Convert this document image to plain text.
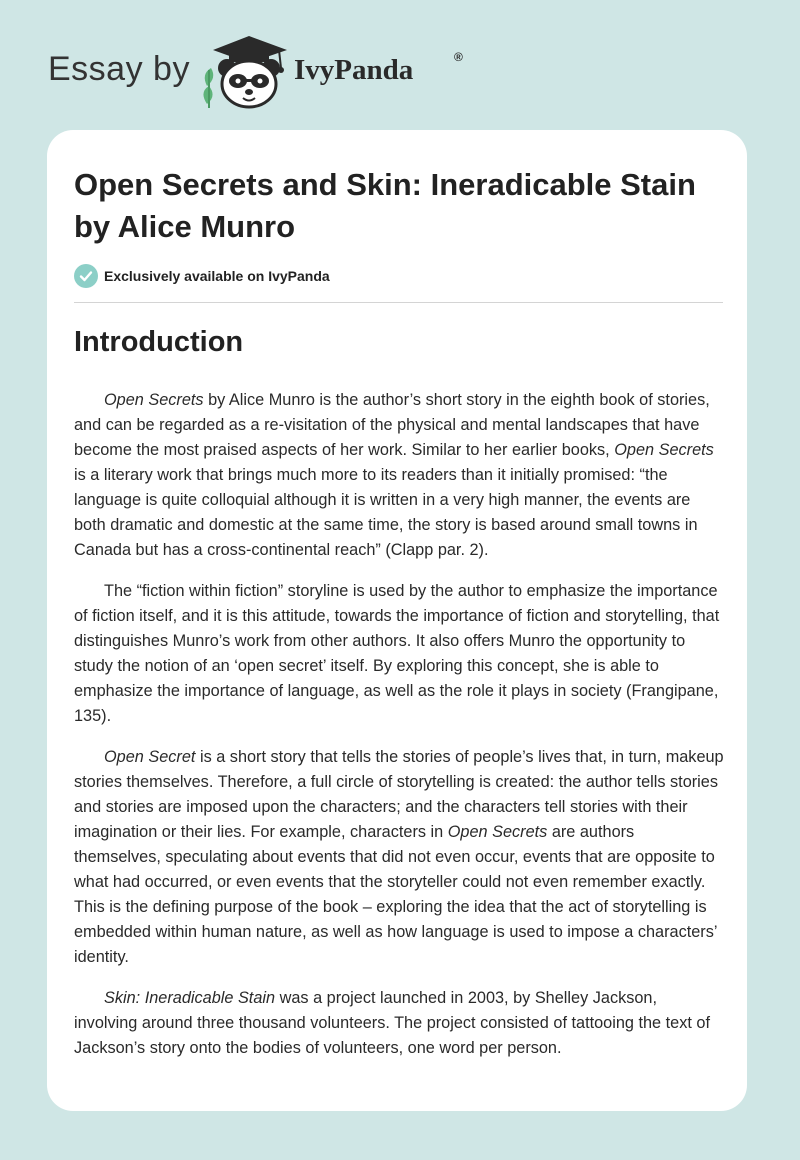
Essay by	IvyPanda	®
Open Secrets and Skin: Ineradicable Stain by Alice Munro
Exclusively available on IvyPanda
Introduction

Open Secrets by Alice Munro is the author’s short story in the eighth book of stories, and can be regarded as a re-visitation of the physical and mental landscapes that have become the most praised aspects of her work. Similar to her earlier books, Open Secrets is a literary work that brings much more to its readers than it initially promised: “the language is quite colloquial although it is written in a very high manner, the events are both dramatic and domestic at the same time, the story is based around small towns in Canada but has a cross-continental reach” (Clapp par. 2).

The “fiction within fiction” storyline is used by the author to emphasize the importance of fiction itself, and it is this attitude, towards the importance of fiction and storytelling, that distinguishes Munro’s work from other authors. It also offers Munro the opportunity to study the notion of an ‘open secret’ itself. By exploring this concept, she is able to emphasize the importance of language, as well as the role it plays in society (Frangipane, 135).

Open Secret is a short story that tells the stories of people’s lives that, in turn, makeup stories themselves. Therefore, a full circle of storytelling is created: the author tells stories and stories are imposed upon the characters; and the characters tell stories with their imagination or their lies. For example, characters in Open Secrets are authors themselves, speculating about events that did not even occur, events that are opposite to what had occurred, or even events that the storyteller could not even remember exactly. This is the defining purpose of the book – exploring the idea that the act of storytelling is embedded within human nature, as well as how language is used to impose a characters’ identity.

Skin: Ineradicable Stain was a project launched in 2003, by Shelley Jackson, involving around three thousand volunteers. The project consisted of tattooing the text of Jackson’s story onto the bodies of volunteers, one word per person.
